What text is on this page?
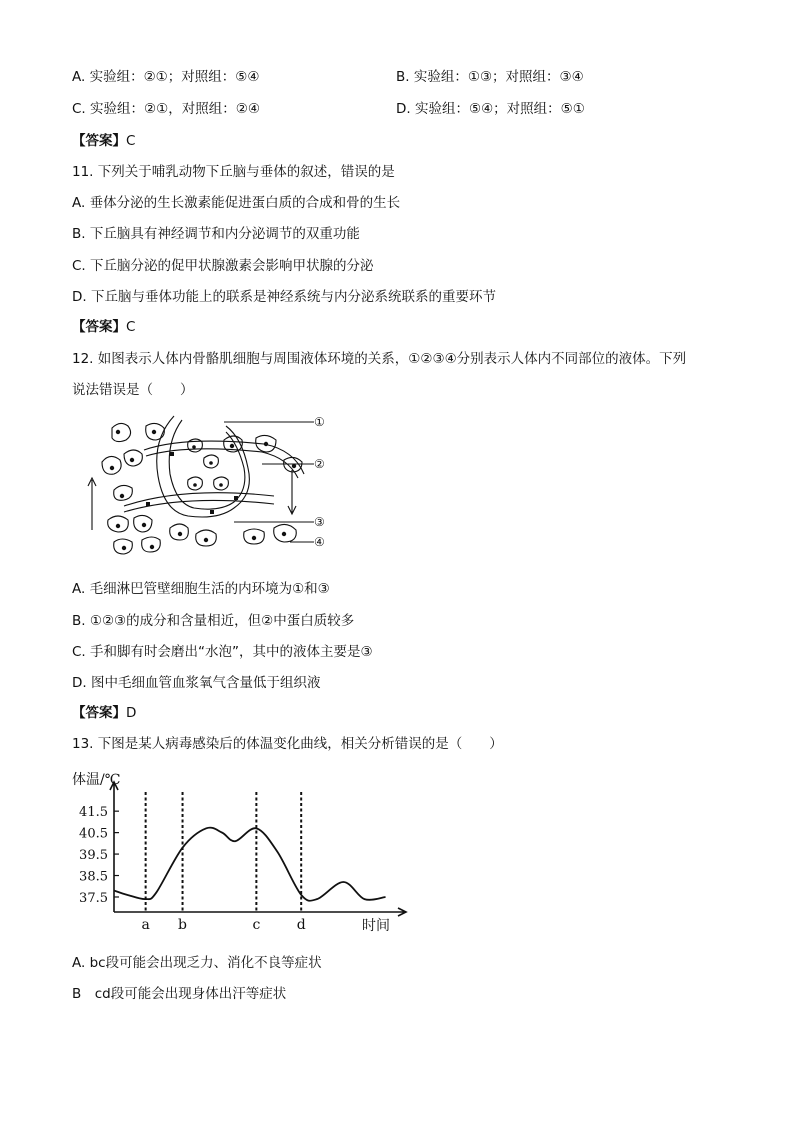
A. 实验组：②①；对照组：⑤④	B. 实验组：①③；对照组：③④
C. 实验组：②①，对照组：②④	D. 实验组：⑤④；对照组：⑤①
【答案】C
11. 下列关于哺乳动物下丘脑与垂体的叙述，错误的是
A. 垂体分泌的生长激素能促进蛋白质的合成和骨的生长
B. 下丘脑具有神经调节和内分泌调节的双重功能
C. 下丘脑分泌的促甲状腺激素会影响甲状腺的分泌
D. 下丘脑与垂体功能上的联系是神经系统与内分泌系统联系的重要环节
【答案】C
12. 如图表示人体内骨骼肌细胞与周围液体环境的关系，①②③④分别表示人体内不同部位的液体。下列
说法错误是（　　）
①
②
③
④
A. 毛细淋巴管壁细胞生活的内环境为①和③
B. ①②③的成分和含量相近，但②中蛋白质较多
C. 手和脚有时会磨出“水泡”，其中的液体主要是③
D. 图中毛细血管血浆氧气含量低于组织液
【答案】D
13. 下图是某人病毒感染后的体温变化曲线，相关分析错误的是（　　）
体温/℃
41.5
40.5
39.5
38.5
37.5
a b	c	d	时间
A. bc段可能会出现乏力、消化不良等症状
B　cd段可能会出现身体出汗等症状
